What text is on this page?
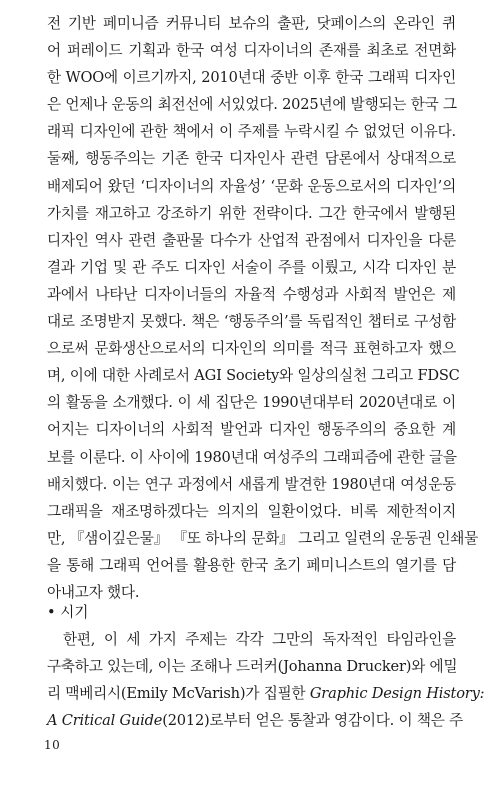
전 기반 페미니즘 커뮤니티 보슈의 출판, 닷페이스의 온라인 퀴
어 퍼레이드 기획과 한국 여성 디자이너의 존재를 최초로 전면화
한 WOO에 이르기까지, 2010년대 중반 이후 한국 그래픽 디자인
은 언제나 운동의 최전선에 서있었다. 2025년에 발행되는 한국 그
래픽 디자인에 관한 책에서 이 주제를 누락시킬 수 없었던 이유다.
둘째, 행동주의는 기존 한국 디자인사 관련 담론에서 상대적으로
배제되어 왔던 ‘디자이너의 자율성’ ‘문화 운동으로서의 디자인’의
가치를 재고하고 강조하기 위한 전략이다. 그간 한국에서 발행된
디자인 역사 관련 출판물 다수가 산업적 관점에서 디자인을 다룬
결과 기업 및 관 주도 디자인 서술이 주를 이뤘고, 시각 디자인 분
과에서 나타난 디자이너들의 자율적 수행성과 사회적 발언은 제
대로 조명받지 못했다. 책은 ‘행동주의’를 독립적인 챕터로 구성함
으로써 문화생산으로서의 디자인의 의미를 적극 표현하고자 했으
며, 이에 대한 사례로서 AGI Society와 일상의실천 그리고 FDSC
의 활동을 소개했다. 이 세 집단은 1990년대부터 2020년대로 이
어지는 디자이너의 사회적 발언과 디자인 행동주의의 중요한 계
보를 이룬다. 이 사이에 1980년대 여성주의 그래피즘에 관한 글을
배치했다. 이는 연구 과정에서 새롭게 발견한 1980년대 여성운동
그래픽을 재조명하겠다는 의지의 일환이었다. 비록 제한적이지
만, 『샘이깊은물』 『또 하나의 문화』 그리고 일련의 운동권 인쇄물
을 통해 그래픽 언어를 활용한 한국 초기 페미니스트의 열기를 담
아내고자 했다.
• 시기
한편, 이 세 가지 주제는 각각 그만의 독자적인 타임라인을
구축하고 있는데, 이는 조해나 드러커(Johanna Drucker)와 에밀
리 맥베리시(Emily McVarish)가 집필한 Graphic Design History:
A Critical Guide(2012)로부터 얻은 통찰과 영감이다. 이 책은 주
10
